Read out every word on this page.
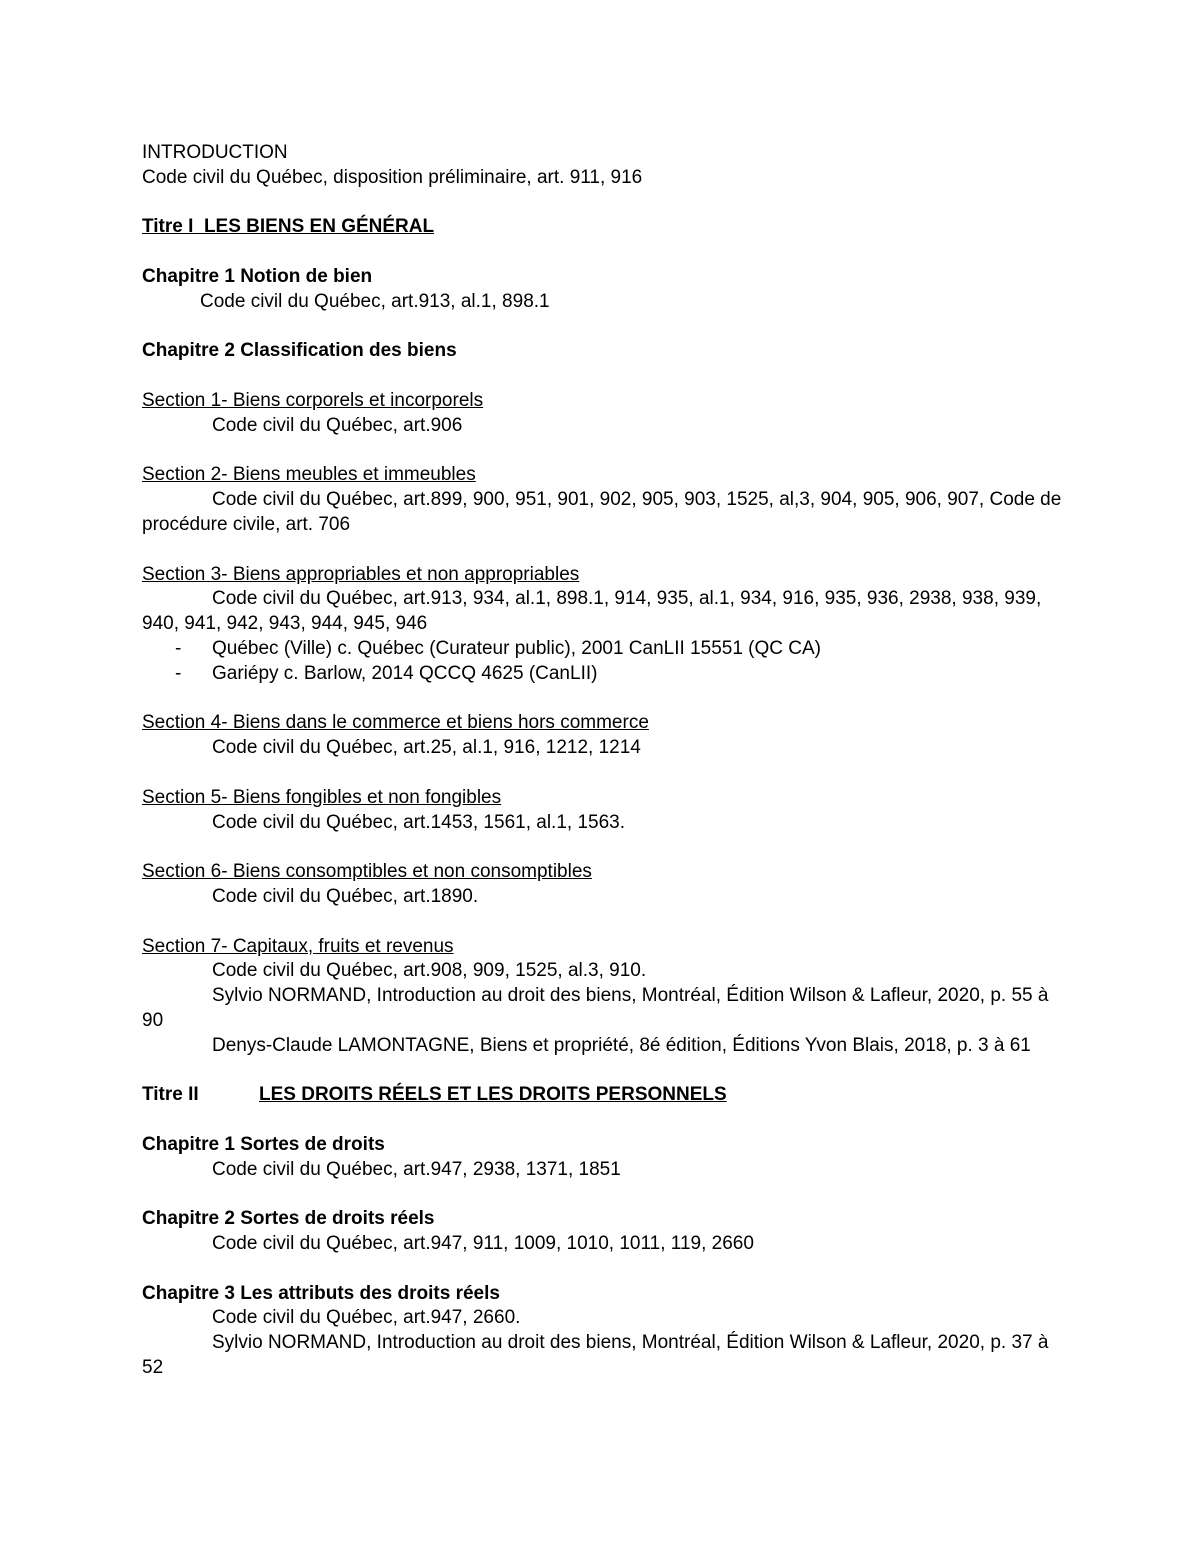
INTRODUCTION
Code civil du Québec, disposition préliminaire, art. 911, 916
Titre I  LES BIENS EN GÉNÉRAL
Chapitre 1 Notion de bien
Code civil du Québec, art.913, al.1, 898.1
Chapitre 2 Classification des biens
Section 1- Biens corporels et incorporels
Code civil du Québec, art.906
Section 2- Biens meubles et immeubles
Code civil du Québec, art.899, 900, 951, 901, 902, 905, 903, 1525, al,3, 904, 905, 906, 907, Code de procédure civile, art. 706
Section 3- Biens appropriables et non appropriables
Code civil du Québec, art.913, 934, al.1, 898.1, 914, 935, al.1, 934, 916, 935, 936, 2938, 938, 939, 940, 941, 942, 943, 944, 945, 946
-	Québec (Ville) c. Québec (Curateur public), 2001 CanLII 15551 (QC CA)
-	Gariépy c. Barlow, 2014 QCCQ 4625 (CanLII)
Section 4- Biens dans le commerce et biens hors commerce
Code civil du Québec, art.25, al.1, 916, 1212, 1214
Section 5- Biens fongibles et non fongibles
Code civil du Québec, art.1453, 1561, al.1, 1563.
Section 6- Biens consomptibles et non consomptibles
Code civil du Québec, art.1890.
Section 7- Capitaux, fruits et revenus
Code civil du Québec, art.908, 909, 1525, al.3, 910.
Sylvio NORMAND, Introduction au droit des biens, Montréal, Édition Wilson & Lafleur, 2020, p. 55 à 90
Denys-Claude LAMONTAGNE, Biens et propriété, 8é édition, Éditions Yvon Blais, 2018, p. 3 à 61
Titre II	LES DROITS RÉELS ET LES DROITS PERSONNELS
Chapitre 1 Sortes de droits
Code civil du Québec, art.947, 2938, 1371, 1851
Chapitre 2 Sortes de droits réels
Code civil du Québec, art.947, 911, 1009, 1010, 1011, 119, 2660
Chapitre 3 Les attributs des droits réels
Code civil du Québec, art.947, 2660.
Sylvio NORMAND, Introduction au droit des biens, Montréal, Édition Wilson & Lafleur, 2020, p. 37 à 52
